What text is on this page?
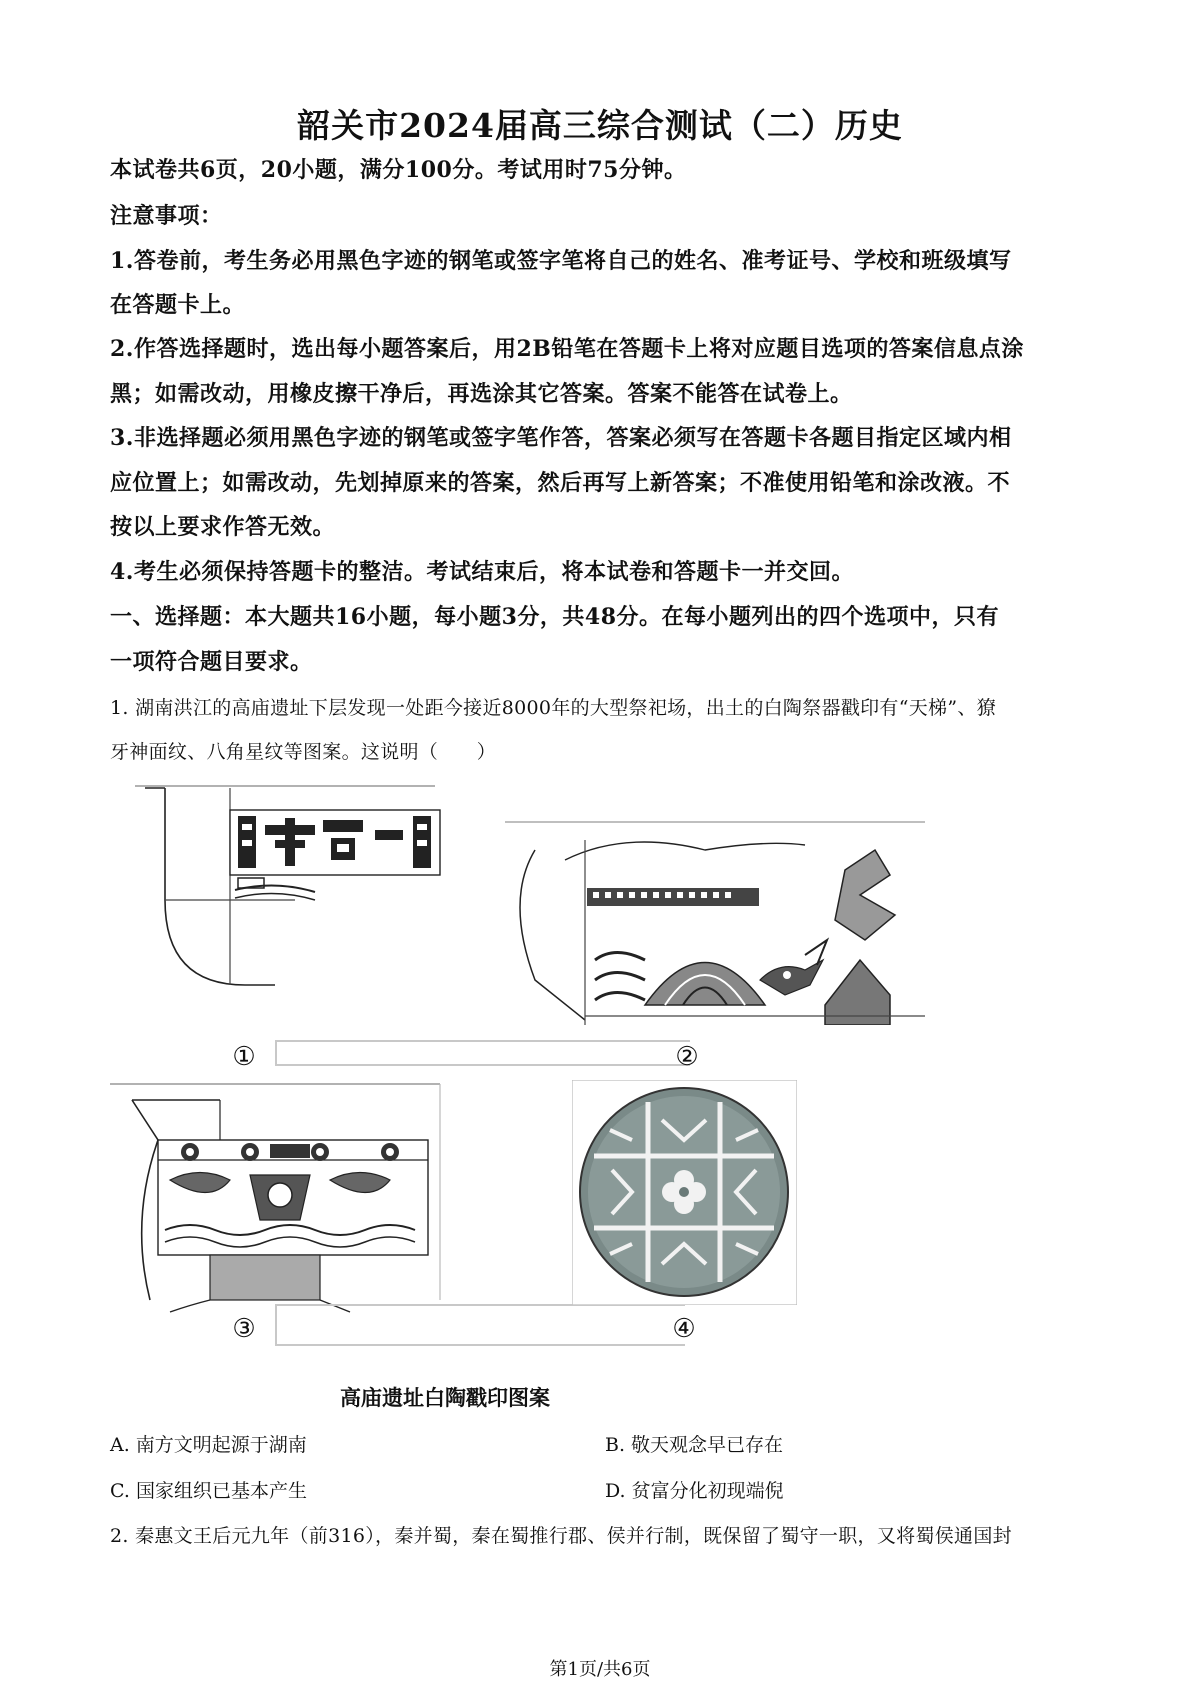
韶关市2024届高三综合测试（二）历史
本试卷共6页，20小题，满分100分。考试用时75分钟。
注意事项：
1.答卷前，考生务必用黑色字迹的钢笔或签字笔将自己的姓名、准考证号、学校和班级填写
在答题卡上。
2.作答选择题时，选出每小题答案后，用2B铅笔在答题卡上将对应题目选项的答案信息点涂
黑；如需改动，用橡皮擦干净后，再选涂其它答案。答案不能答在试卷上。
3.非选择题必须用黑色字迹的钢笔或签字笔作答，答案必须写在答题卡各题目指定区域内相
应位置上；如需改动，先划掉原来的答案，然后再写上新答案；不准使用铅笔和涂改液。不
按以上要求作答无效。
4.考生必须保持答题卡的整洁。考试结束后，将本试卷和答题卡一并交回。
一、选择题：本大题共16小题，每小题3分，共48分。在每小题列出的四个选项中，只有
一项符合题目要求。
1. 湖南洪江的高庙遗址下层发现一处距今接近8000年的大型祭祀场，出土的白陶祭器戳印有“天梯”、獠
牙神面纹、八角星纹等图案。这说明（　　）
①	②
③	④
高庙遗址白陶戳印图案
A. 南方文明起源于湖南	B. 敬天观念早已存在
C. 国家组织已基本产生	D. 贫富分化初现端倪
2. 秦惠文王后元九年（前316），秦并蜀，秦在蜀推行郡、侯并行制，既保留了蜀守一职，又将蜀侯通国封
第1页/共6页
